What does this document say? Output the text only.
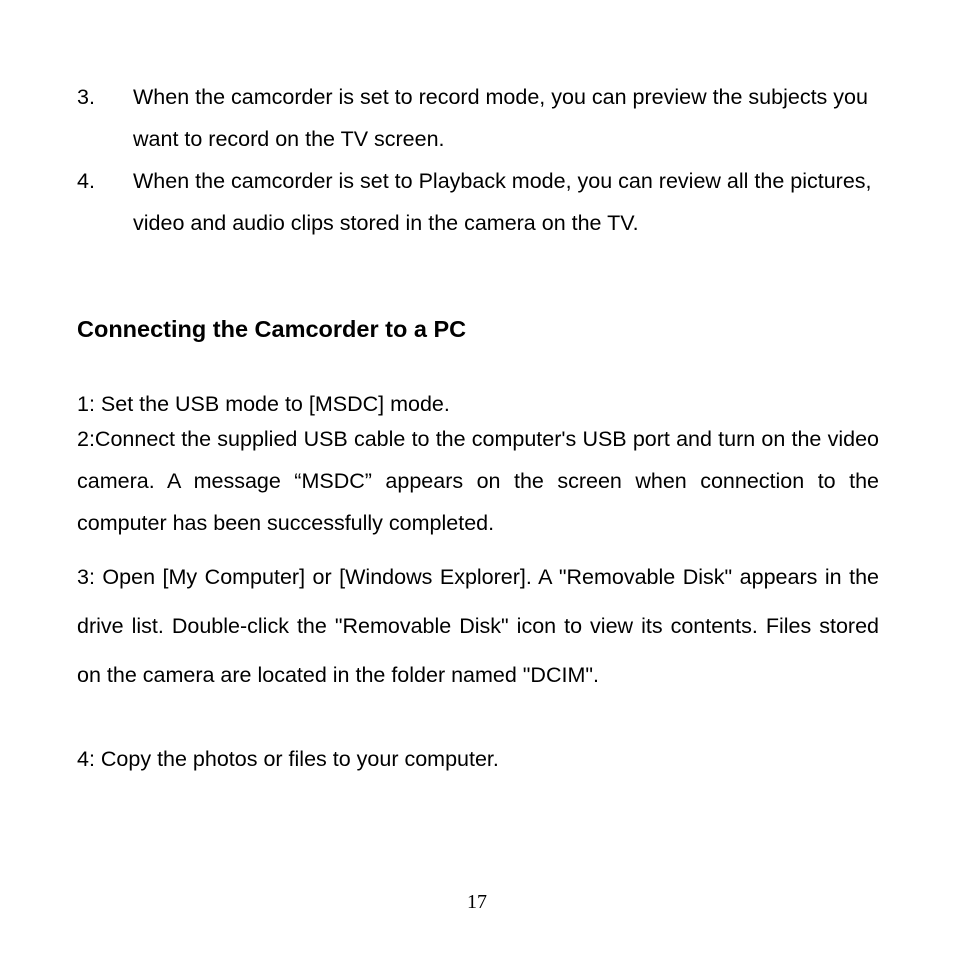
3. When the camcorder is set to record mode, you can preview the subjects you want to record on the TV screen.
4. When the camcorder is set to Playback mode, you can review all the pictures, video and audio clips stored in the camera on the TV.
Connecting the Camcorder to a PC

1: Set the USB mode to [MSDC] mode.

2:Connect the supplied USB cable to the computer's USB port and turn on the video camera. A message “MSDC” appears on the screen when connection to the computer has been successfully completed.

3: Open [My Computer] or [Windows Explorer]. A "Removable Disk" appears in the drive list. Double-click the "Removable Disk" icon to view its contents. Files stored on the camera are located in the folder named "DCIM".

4: Copy the photos or files to your computer.

17
